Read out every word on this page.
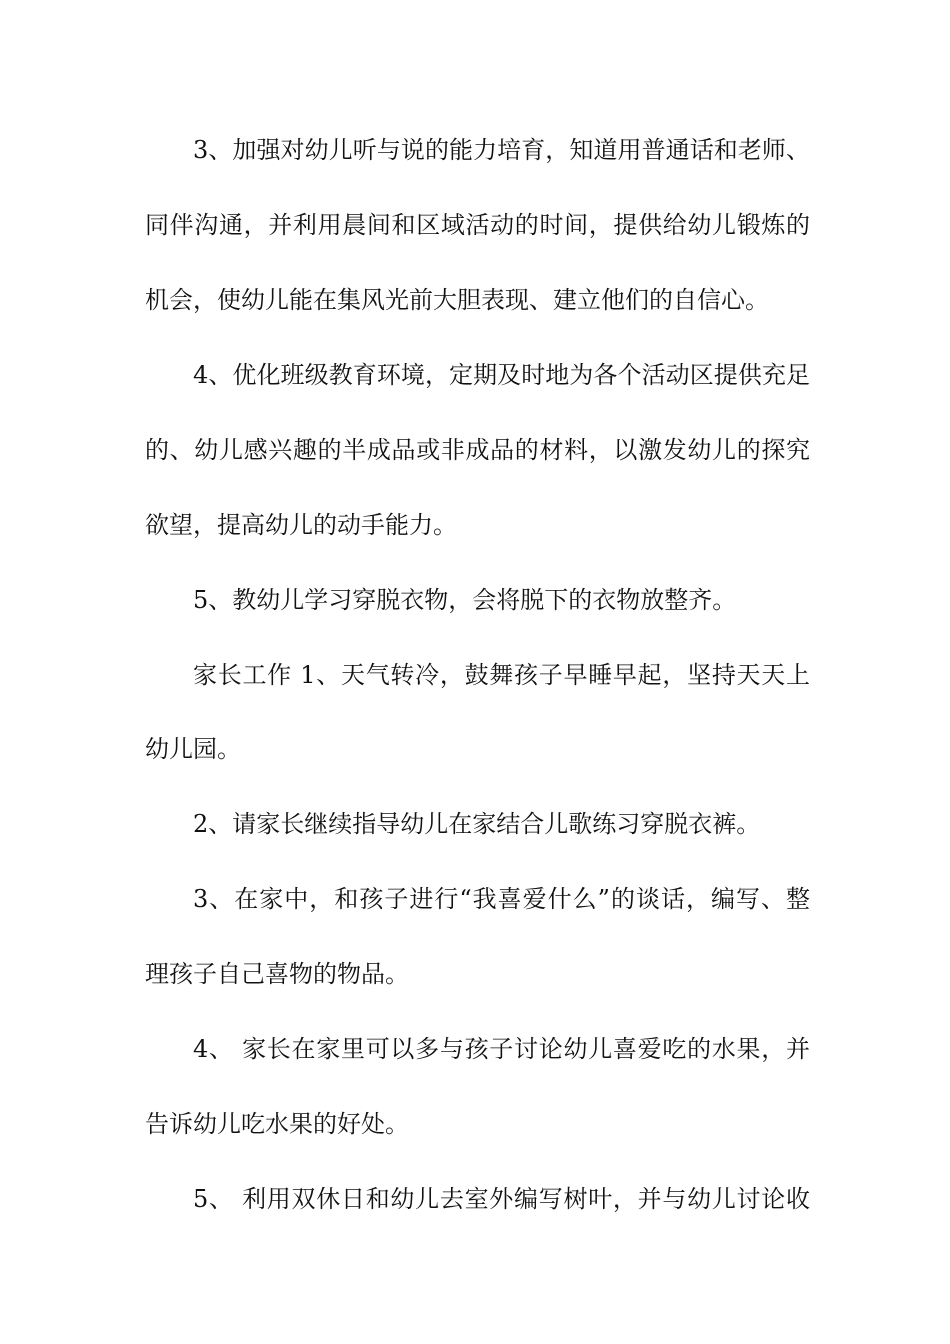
3、加强对幼儿听与说的能力培育，知道用普通话和老师、
同伴沟通，并利用晨间和区域活动的时间，提供给幼儿锻炼的
机会，使幼儿能在集风光前大胆表现、建立他们的自信心。
4、优化班级教育环境，定期及时地为各个活动区提供充足
的、幼儿感兴趣的半成品或非成品的材料，以激发幼儿的探究
欲望，提高幼儿的动手能力。
5、教幼儿学习穿脱衣物，会将脱下的衣物放整齐。
家长工作 1、天气转冷，鼓舞孩子早睡早起，坚持天天上
幼儿园。
2、请家长继续指导幼儿在家结合儿歌练习穿脱衣裤。
3、在家中，和孩子进行“我喜爱什么”的谈话，编写、整
理孩子自己喜物的物品。
4、 家长在家里可以多与孩子讨论幼儿喜爱吃的水果，并
告诉幼儿吃水果的好处。
5、 利用双休日和幼儿去室外编写树叶，并与幼儿讨论收
